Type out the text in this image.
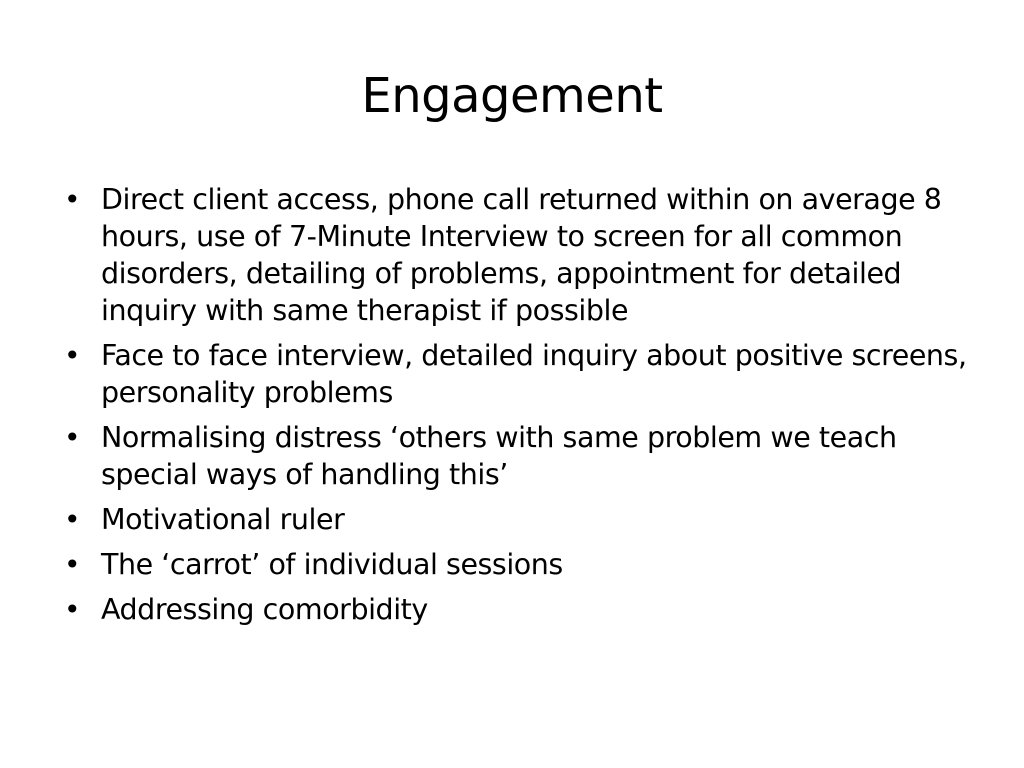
Engagement
• Direct client access, phone call returned within on average 8 hours, use of 7-Minute Interview to screen for all common disorders, detailing of problems, appointment for detailed inquiry with same therapist if possible
• Face to face interview, detailed inquiry about positive screens, personality problems
• Normalising distress ‘others with same problem we teach special ways of handling this’
• Motivational ruler
• The ‘carrot’ of individual sessions
• Addressing comorbidity
